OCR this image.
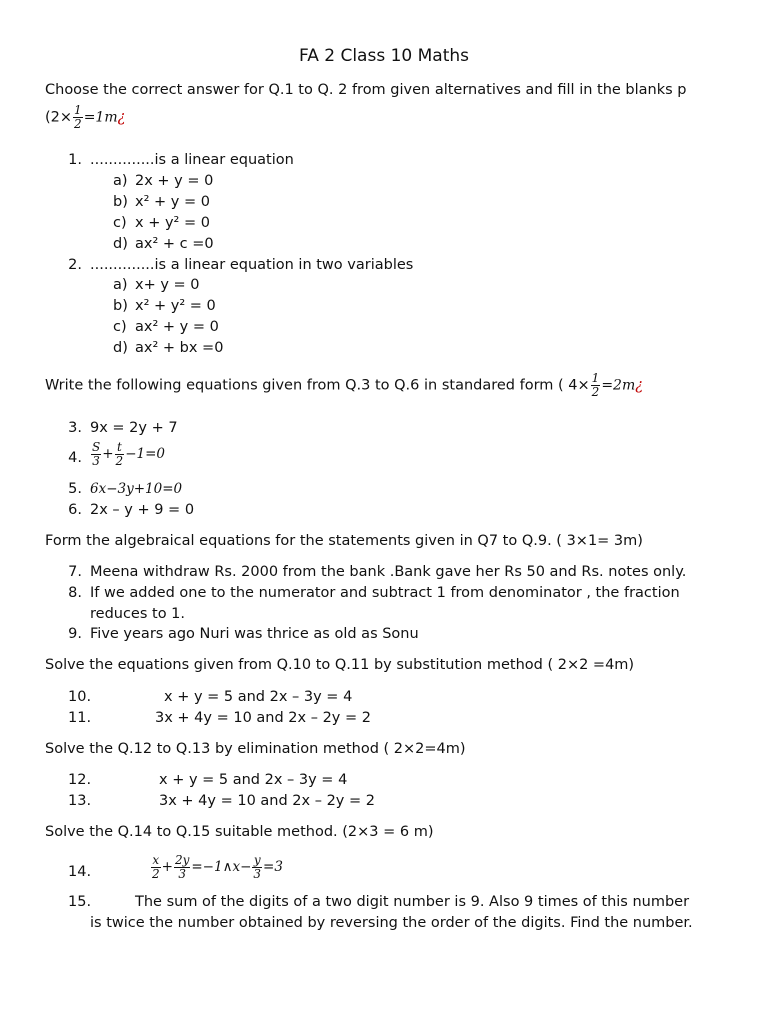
FA 2 Class 10 Maths
Choose the correct answer for Q.1 to Q. 2 from given alternatives and fill in the blanks p
($2\times \frac{1}{2}$ =1m¿
1. ..............is a linear equation
a) 2x + y = 0
b) x² + y = 0
c) x + y² = 0
d) ax² + c =0
2. ..............is a linear equation in two variables
a) x+ y = 0
b) x² + y² = 0
c) ax² + y = 0
d) ax² + bx =0
Write the following equations given from Q.3 to Q.6 in standared form ( $4\times \frac{1}{2}$ =2m¿
3. 9x = 2y + 7
4. $\frac{S}{3} + \frac{t}{2} -1=0$
5. 6x−3y+10=0
6. 2x – y + 9 = 0
Form the algebraical equations for the statements given in Q7 to Q.9. ( 3×1= 3m)
7. Meena withdraw Rs. 2000 from the bank .Bank gave her Rs 50 and Rs. notes only.
8. If we added one to the numerator and subtract 1 from denominator , the fraction
reduces to 1.
9. Five years ago Nuri was thrice as old as Sonu
Solve the equations given from Q.10 to Q.11 by substitution method ( 2×2 =4m)
10.	x + y = 5 and 2x – 3y = 4
11.	3x + 4y = 10 and 2x – 2y = 2
Solve the Q.12 to Q.13 by elimination method ( 2×2=4m)
12.	x + y = 5 and 2x – 3y = 4
13.	3x + 4y = 10 and 2x – 2y = 2
Solve the Q.14 to Q.15 suitable method. (2×3 = 6 m)
14.	$\frac{x}{2} + \frac{2y}{3}$ =−1∧x− $\frac{y}{3} =3$
15.	The sum of the digits of a two digit number is 9. Also 9 times of this number
is twice the number obtained by reversing the order of the digits. Find the number.
